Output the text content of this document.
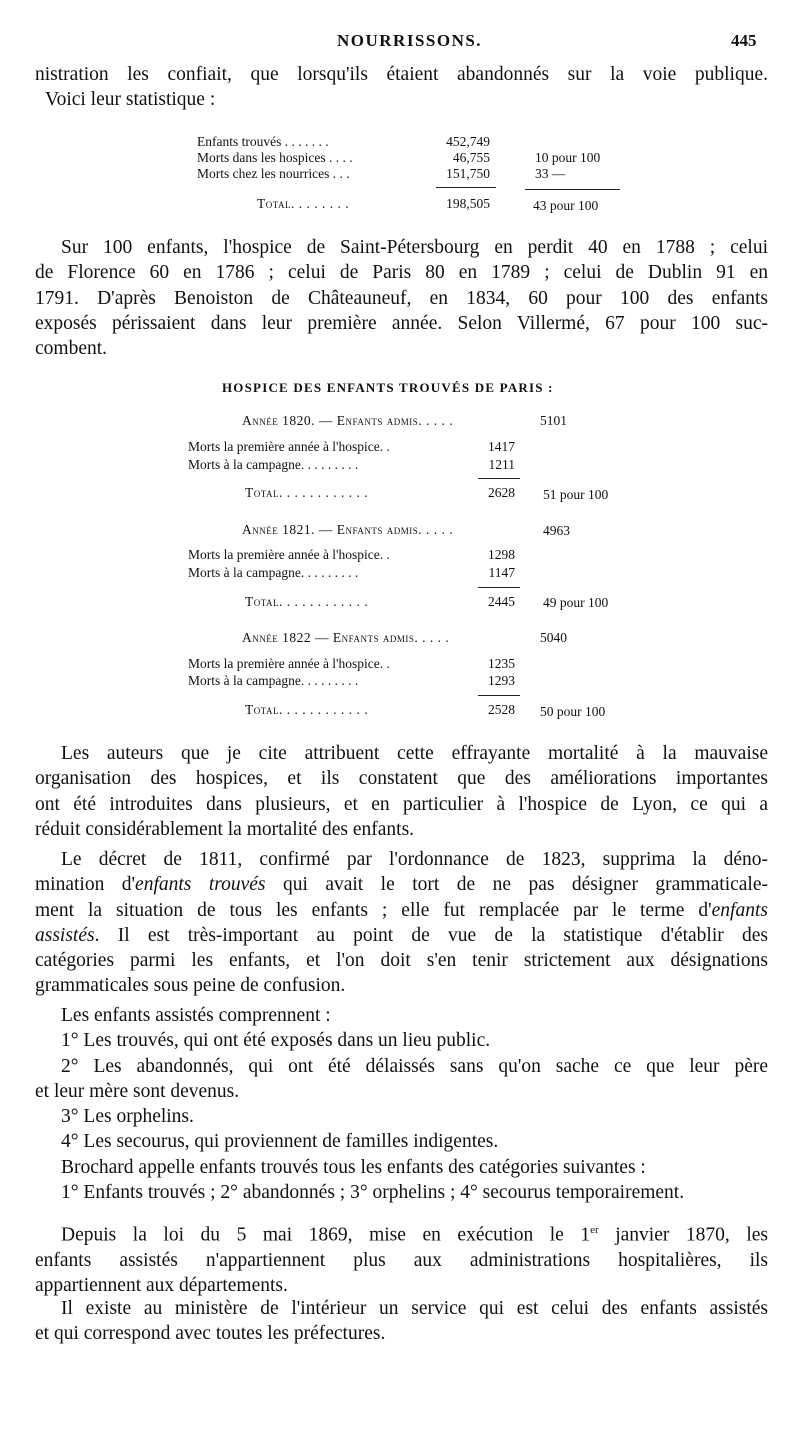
NOURRISSONS.	445
nistration les confiait, que lorsqu'ils étaient abandonnés sur la voie publique.
Voici leur statistique :
Enfants trouvés . . . . . . .	452,749
Morts dans les hospices . . . .	46,755	10 pour 100
Morts chez les nourrices . . .	151,750	33 —
Total. . . . . . . .	198,505	43 pour 100
Sur 100 enfants, l'hospice de Saint-Pétersbourg en perdit 40 en 1788 ; celui
de Florence 60 en 1786 ; celui de Paris 80 en 1789 ; celui de Dublin 91 en
1791. D'après Benoiston de Châteauneuf, en 1834, 60 pour 100 des enfants
exposés périssaient dans leur première année. Selon Villermé, 67 pour 100 suc-
combent.
HOSPICE DES ENFANTS TROUVÉS DE PARIS :
Année 1820. — Enfants admis. . . . .	5101
Morts la première année à l'hospice. .	1417
Morts à la campagne. . . . . . . . .	1211
Total. . . . . . . . . . . .	2628 51 pour 100
Année 1821. — Enfants admis. . . . .	4963
Morts la première année à l'hospice. .	1298
Morts à la campagne. . . . . . . . .	1147
Total. . . . . . . . . . . .	2445 49 pour 100
Année 1822 — Enfants admis. . . . .	5040
Morts la première année à l'hospice. .	1235
Morts à la campagne. . . . . . . . .	1293
Total. . . . . . . . . . . .	2528 50 pour 100
Les auteurs que je cite attribuent cette effrayante mortalité à la mauvaise
organisation des hospices, et ils constatent que des améliorations importantes
ont été introduites dans plusieurs, et en particulier à l'hospice de Lyon, ce qui a
réduit considérablement la mortalité des enfants.
Le décret de 1811, confirmé par l'ordonnance de 1823, supprima la déno-
mination d'enfants trouvés qui avait le tort de ne pas désigner grammaticale-
ment la situation de tous les enfants ; elle fut remplacée par le terme d'enfants
assistés. Il est très-important au point de vue de la statistique d'établir des
catégories parmi les enfants, et l'on doit s'en tenir strictement aux désignations
grammaticales sous peine de confusion.
Les enfants assistés comprennent :
1° Les trouvés, qui ont été exposés dans un lieu public.
2° Les abandonnés, qui ont été délaissés sans qu'on sache ce que leur père
et leur mère sont devenus.
3° Les orphelins.
4° Les secourus, qui proviennent de familles indigentes.
Brochard appelle enfants trouvés tous les enfants des catégories suivantes :
1° Enfants trouvés ; 2° abandonnés ; 3° orphelins ; 4° secourus temporairement.
Depuis la loi du 5 mai 1869, mise en exécution le 1er janvier 1870, les
enfants assistés n'appartiennent plus aux administrations hospitalières, ils
appartiennent aux départements.
Il existe au ministère de l'intérieur un service qui est celui des enfants assistés
et qui correspond avec toutes les préfectures.
